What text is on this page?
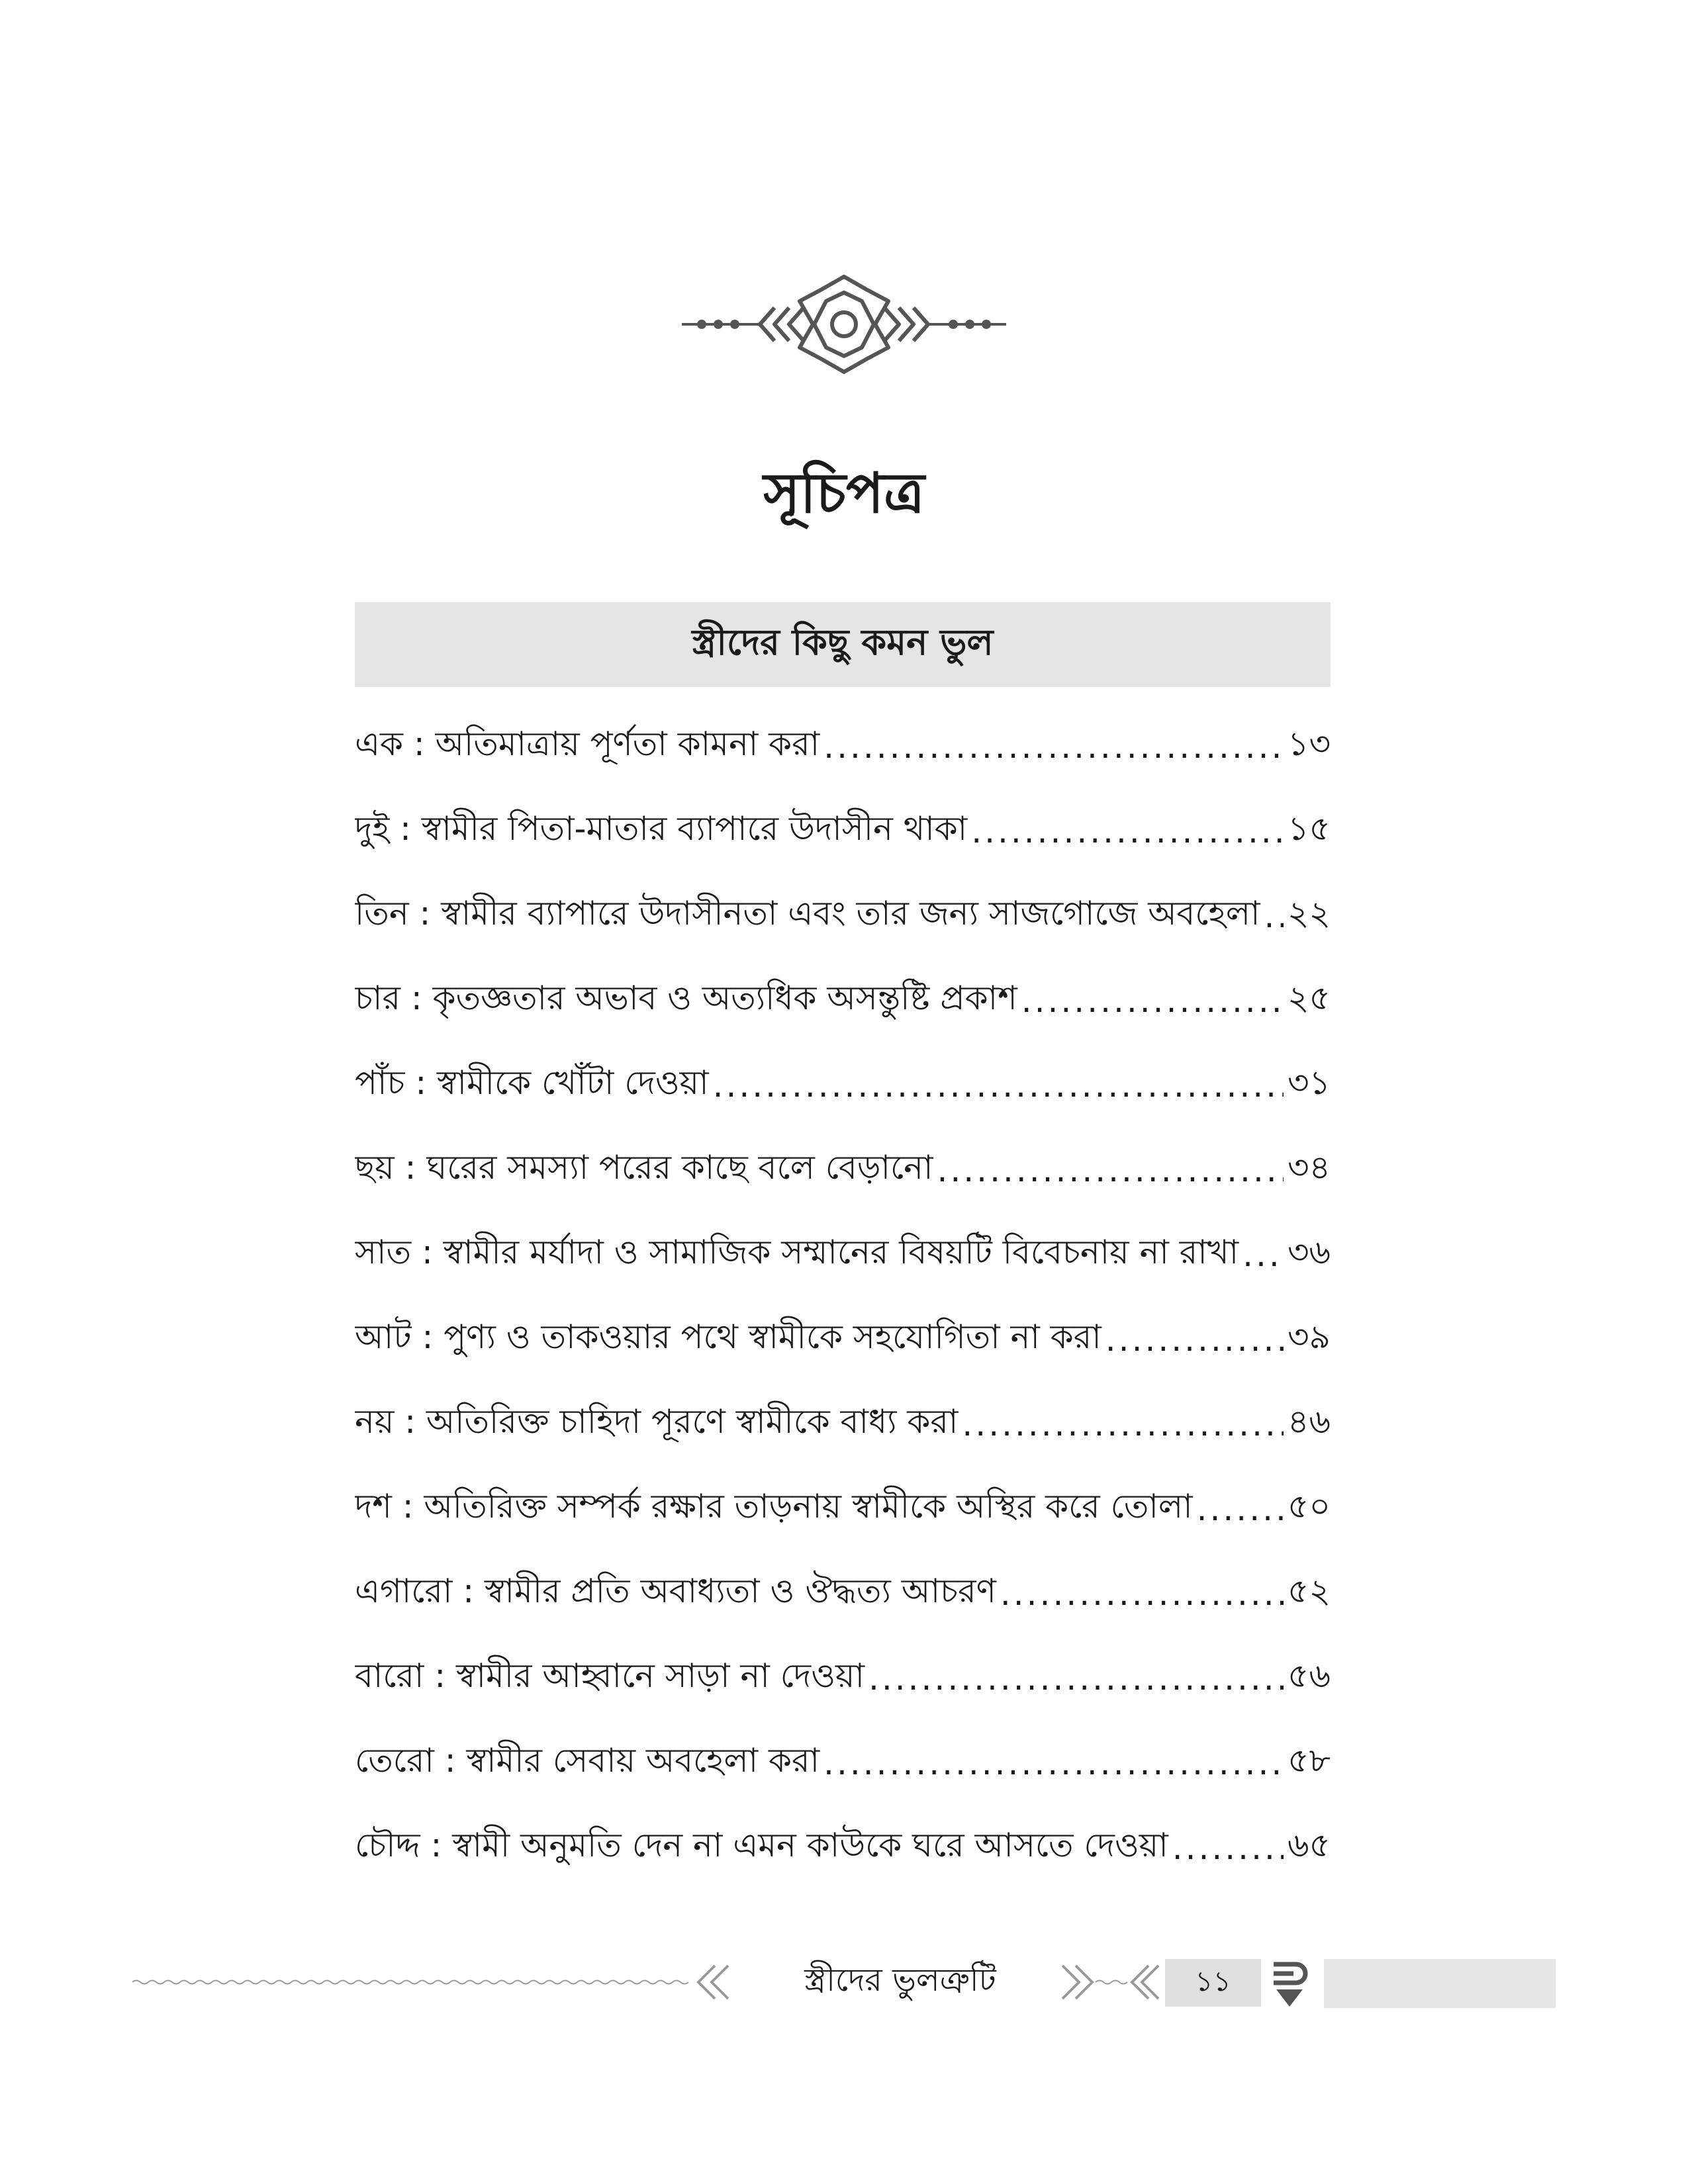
সূচিপত্র
স্ত্রীদের কিছু কমন ভুল
এক : অতিমাত্রায় পূর্ণতা কামনা করা .....	১৩
দুই : স্বামীর পিতা-মাতার ব্যাপারে উদাসীন থাকা .....	১৫
তিন : স্বামীর ব্যাপারে উদাসীনতা এবং তার জন্য সাজগোজে অবহেলা ..... ২২
চার : কৃতজ্ঞতার অভাব ও অত্যধিক অসন্তুষ্টি প্রকাশ .....	২৫
পাঁচ : স্বামীকে খোঁটা দেওয়া .....	৩১
ছয় : ঘরের সমস্যা পরের কাছে বলে বেড়ানো .....	৩৪
সাত : স্বামীর মর্যাদা ও সামাজিক সম্মানের বিষয়টি বিবেচনায় না রাখা ..... ৩৬
আট : পুণ্য ও তাকওয়ার পথে স্বামীকে সহযোগিতা না করা .....	৩৯
নয় : অতিরিক্ত চাহিদা পূরণে স্বামীকে বাধ্য করা .....	৪৬
দশ : অতিরিক্ত সম্পর্ক রক্ষার তাড়নায় স্বামীকে অস্থির করে তোলা .....	৫০
এগারো : স্বামীর প্রতি অবাধ্যতা ও ঔদ্ধত্য আচরণ .....	৫২
বারো : স্বামীর আহ্বানে সাড়া না দেওয়া .....	৫৬
তেরো : স্বামীর সেবায় অবহেলা করা .....	৫৮
চৌদ্দ : স্বামী অনুমতি দেন না এমন কাউকে ঘরে আসতে দেওয়া .....	৬৫
স্ত্রীদের ভুলত্রুটি	১১
